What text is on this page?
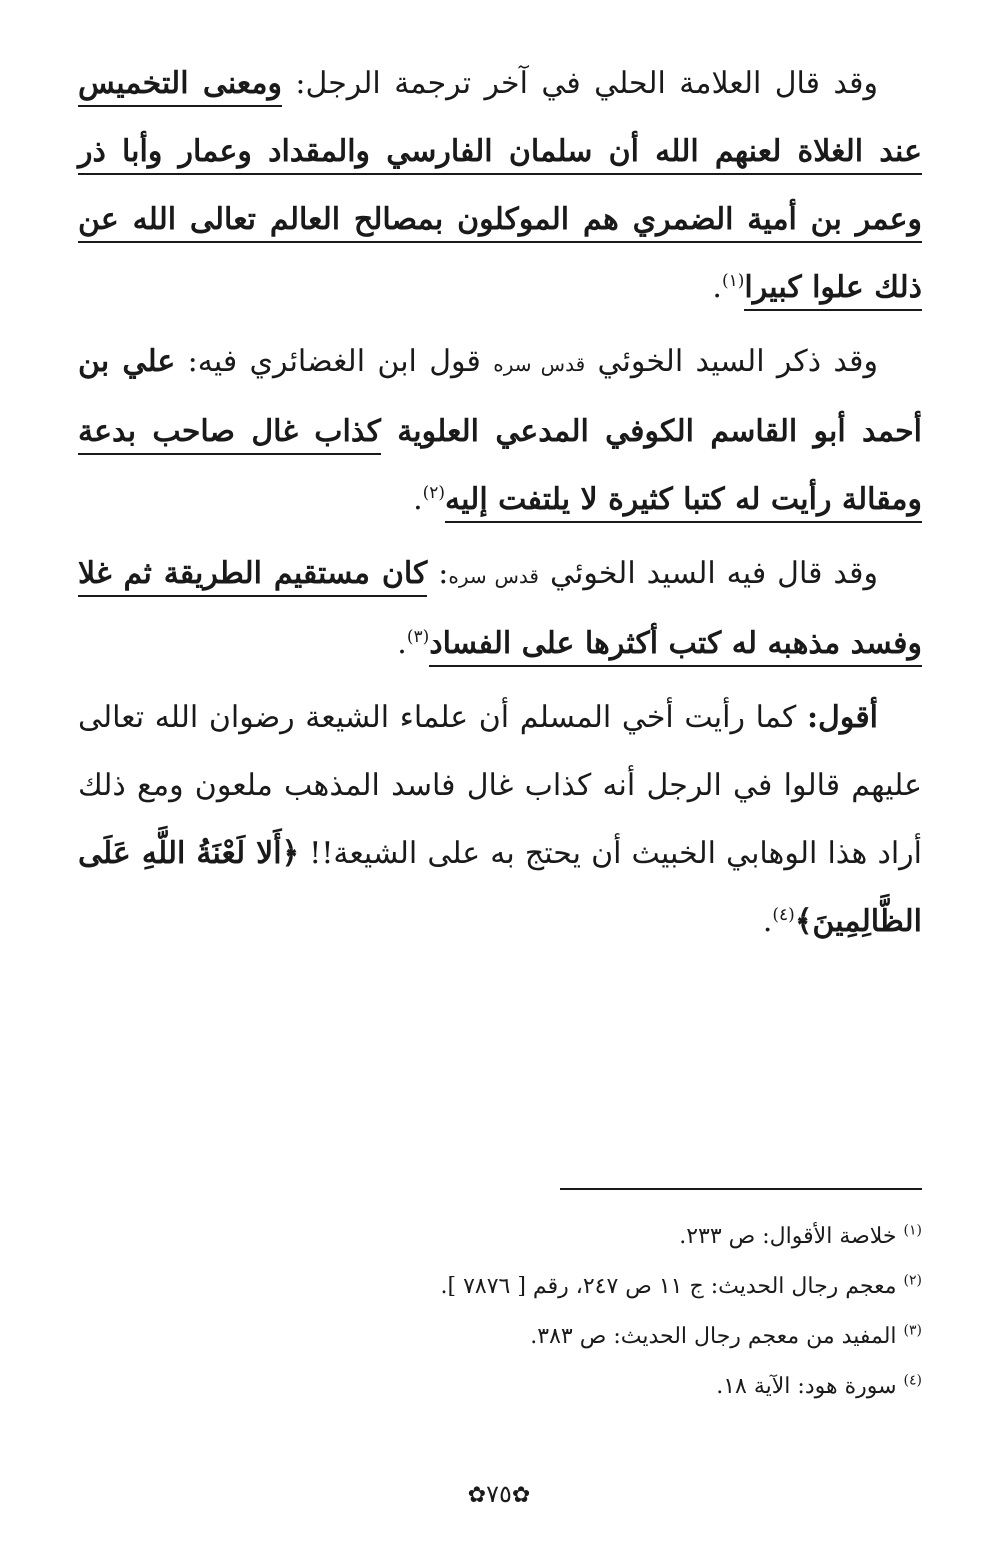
وقد قال العلامة الحلي في آخر ترجمة الرجل: ومعنى التخميس عند الغلاة لعنهم الله أن سلمان الفارسي والمقداد وعمار وأبا ذر وعمر بن أمية الضمري هم الموكلون بمصالح العالم تعالى الله عن ذلك علوا كبيرا$^{(١)}$.
وقد ذكر السيد الخوئي قدس سره قول ابن الغضائري فيه: علي بن أحمد أبو القاسم الكوفي المدعي العلوية كذاب غال صاحب بدعة ومقالة رأيت له كتبا كثيرة لا يلتفت إليه$^{(٢)}$.
وقد قال فيه السيد الخوئي قدس سره: كان مستقيم الطريقة ثم غلا وفسد مذهبه له كتب أكثرها على الفساد$^{(٣)}$.
أقول: كما رأيت أخي المسلم أن علماء الشيعة رضوان الله تعالى عليهم قالوا في الرجل أنه كذاب غال فاسد المذهب ملعون ومع ذلك أراد هذا الوهابي الخبيث أن يحتج به على الشيعة!! ﴿أَلا لَعْنَةُ اللَّهِ عَلَى الظَّالِمِينَ﴾$^{(٤)}$.
$^{(١)}$ خلاصة الأقوال: ص ٢٣٣.
$^{(٢)}$ معجم رجال الحديث: ج ١١ ص ٢٤٧، رقم [ ٧٨٧٦ ].
$^{(٣)}$ المفيد من معجم رجال الحديث: ص ٣٨٣.
$^{(٤)}$ سورة هود: الآية ١٨.
✿٧٥✿
